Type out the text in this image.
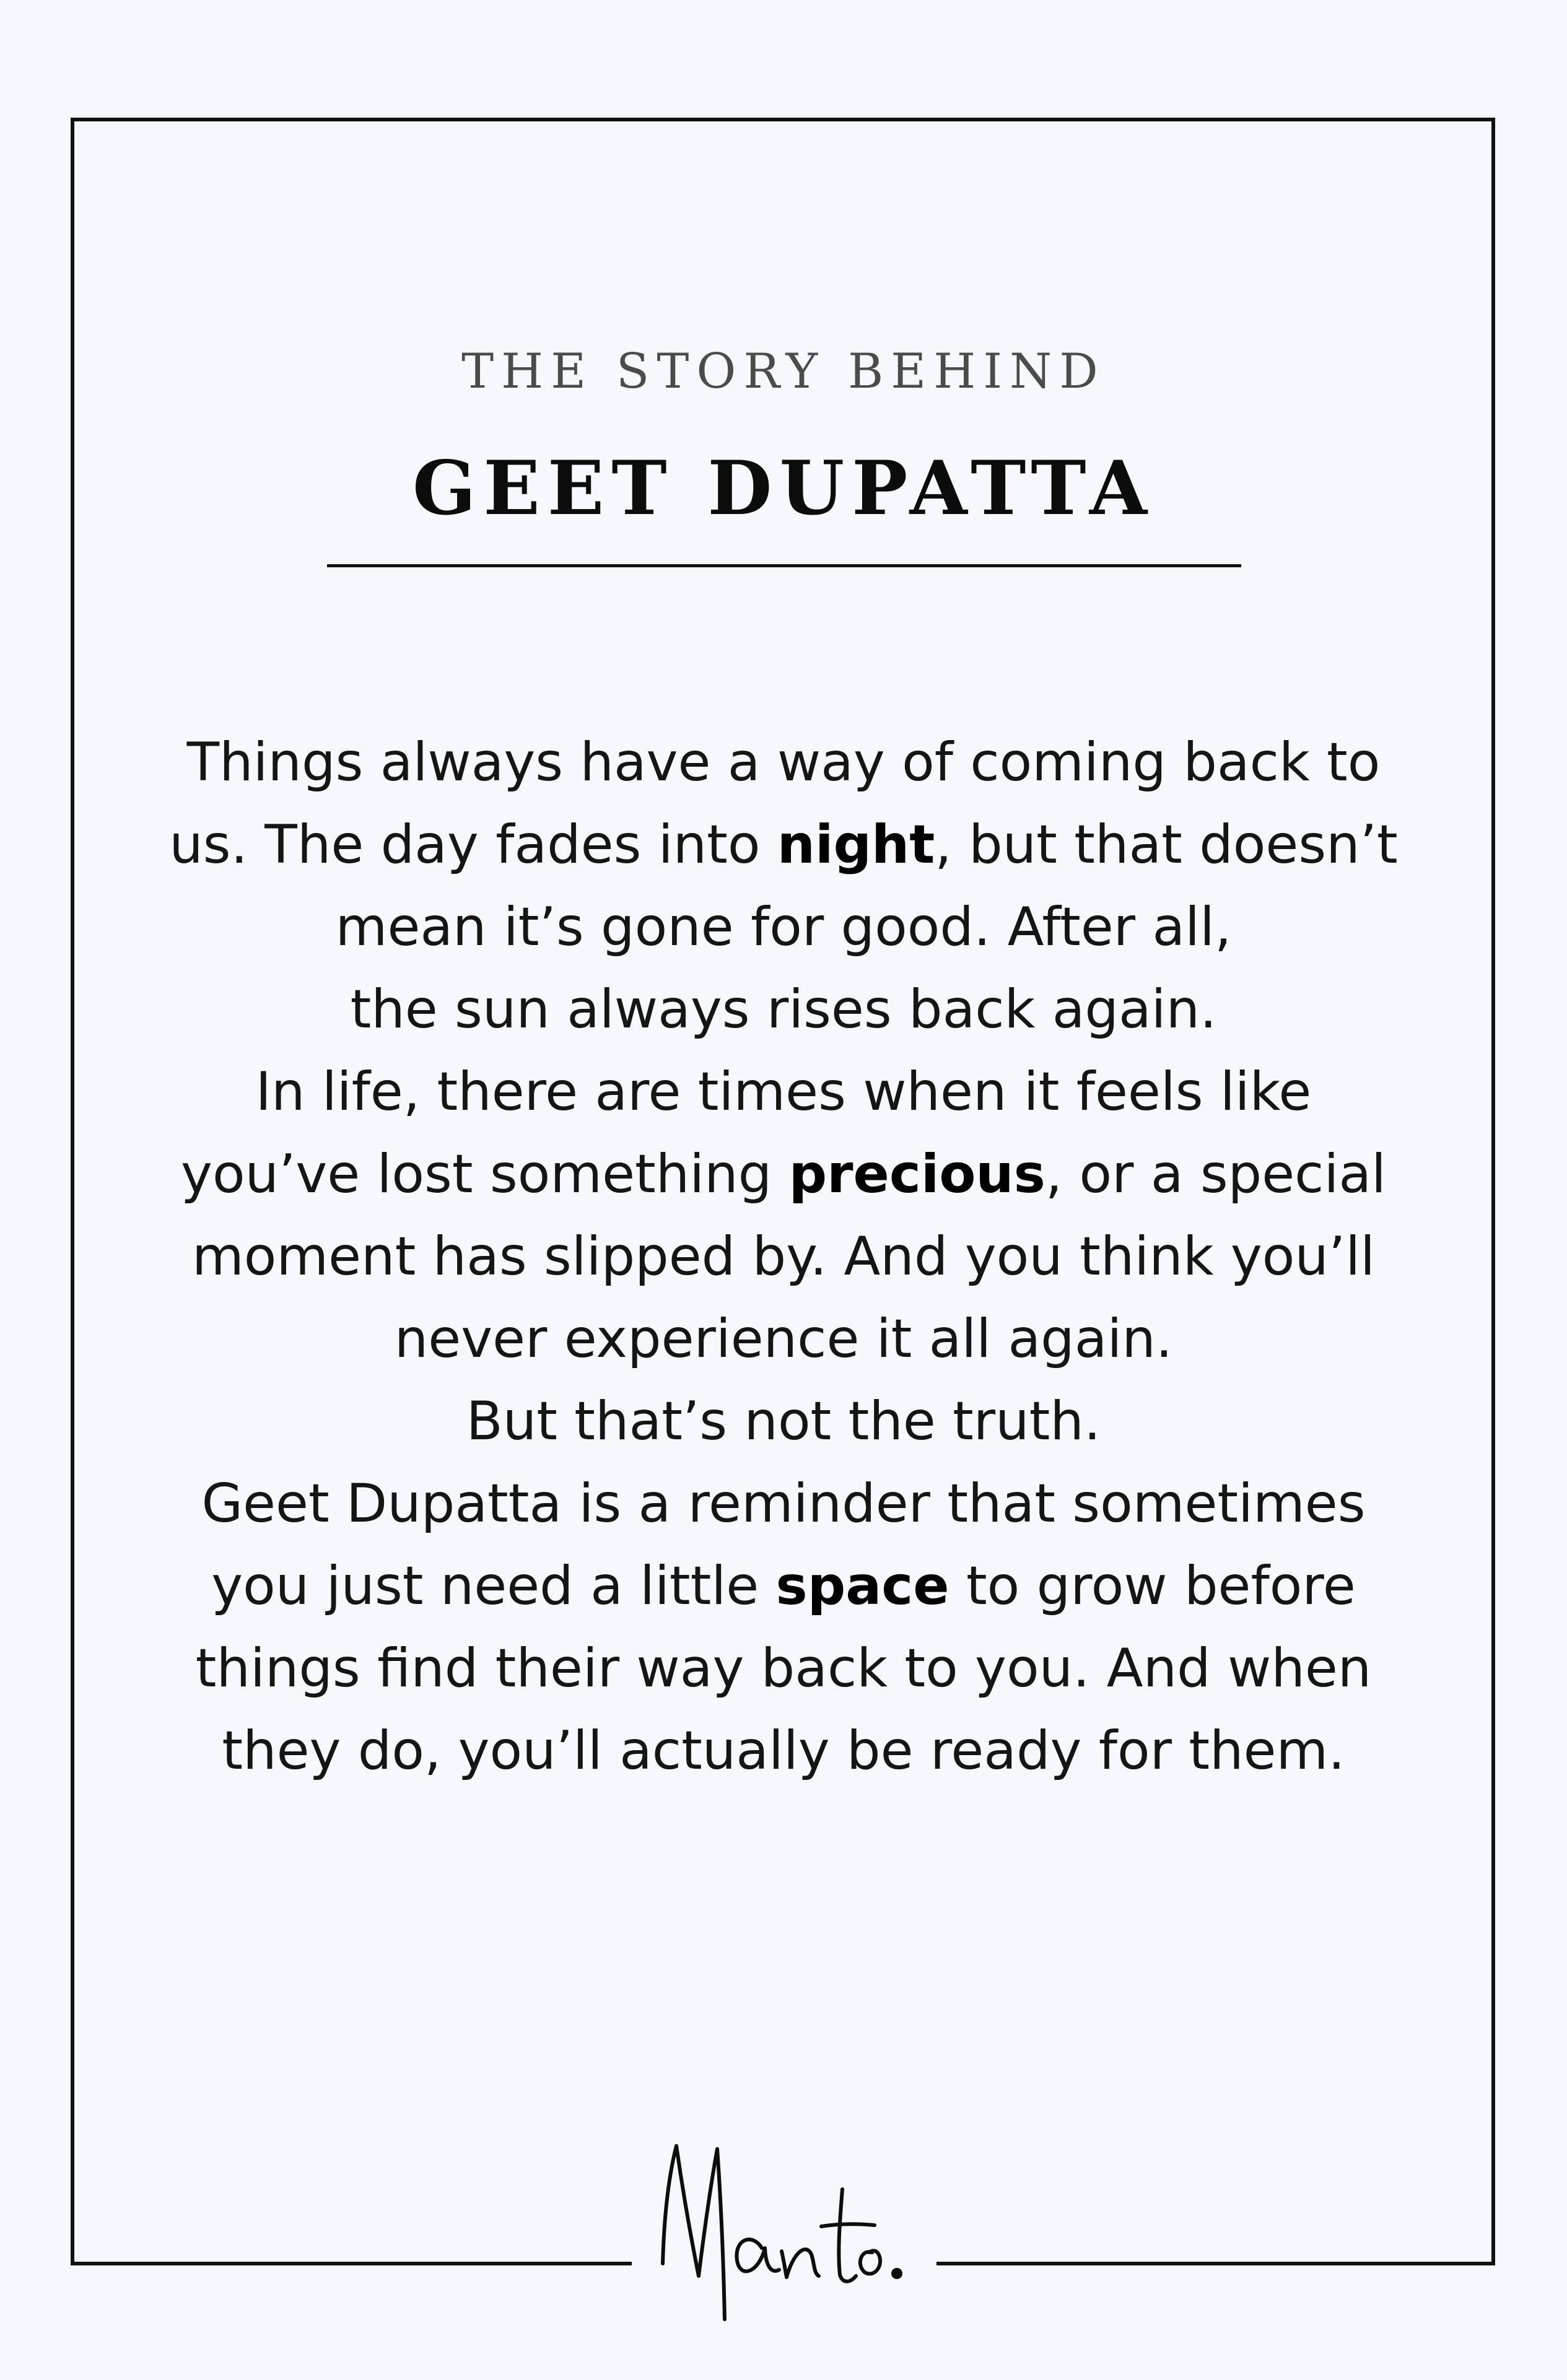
THE STORY BEHIND
GEET DUPATTA
Things always have a way of coming back to
us. The day fades into night, but that doesn’t
mean it’s gone for good. After all,
the sun always rises back again.
In life, there are times when it feels like
you’ve lost something precious, or a special
moment has slipped by. And you think you’ll
never experience it all again.
But that’s not the truth.
Geet Dupatta is a reminder that sometimes
you just need a little space to grow before
things find their way back to you. And when
they do, you’ll actually be ready for them.
